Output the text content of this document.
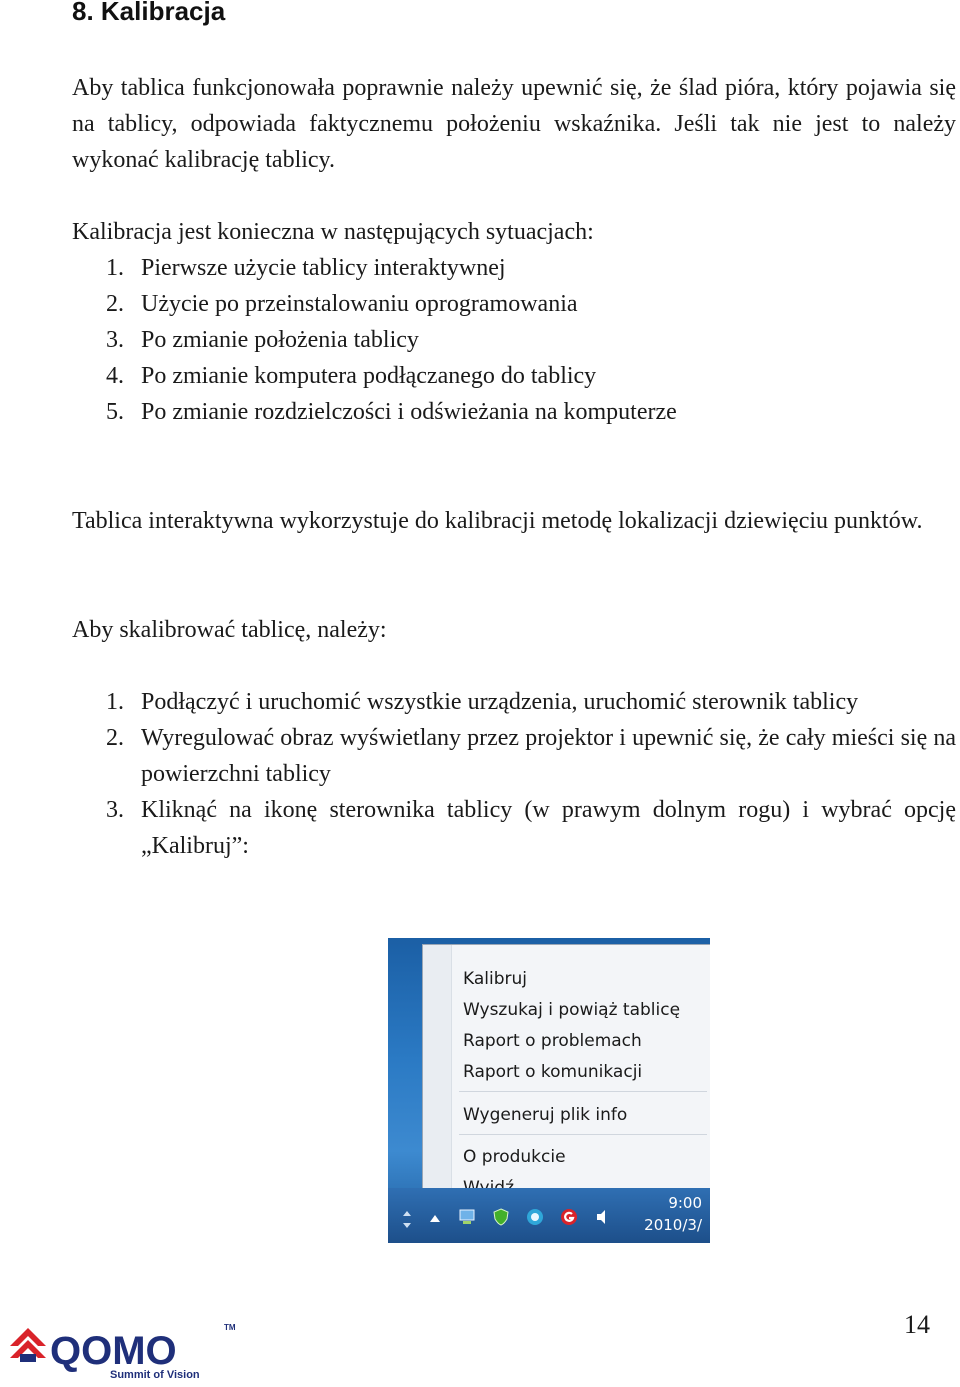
8. Kalibracja

Aby tablica funkcjonowała poprawnie należy upewnić się, że ślad pióra, który pojawia się na tablicy, odpowiada faktycznemu położeniu wskaźnika. Jeśli tak nie jest to należy wykonać kalibrację tablicy.

Kalibracja jest konieczna w następujących sytuacjach:

1. Pierwsze użycie tablicy interaktywnej
2. Użycie po przeinstalowaniu oprogramowania
3. Po zmianie położenia tablicy
4. Po zmianie komputera podłączanego do tablicy
5. Po zmianie rozdzielczości i odświeżania na komputerze

Tablica interaktywna wykorzystuje do kalibracji metodę lokalizacji dziewięciu punktów.

Aby skalibrować tablicę, należy:

1. Podłączyć i uruchomić wszystkie urządzenia, uruchomić sterownik tablicy
2. Wyregulować obraz wyświetlany przez projektor i upewnić się, że cały mieści się na powierzchni tablicy
3. Kliknąć na ikonę sterownika tablicy (w prawym dolnym rogu) i wybrać opcję „Kalibruj”:
Kalibruj
Wyszukaj i powiąż tablicę
Raport o problemach
Raport o komunikacji
Wygeneruj plik info
O produkcie
9:00
2010/3/
14
QOMO
TM
Summit of Vision
